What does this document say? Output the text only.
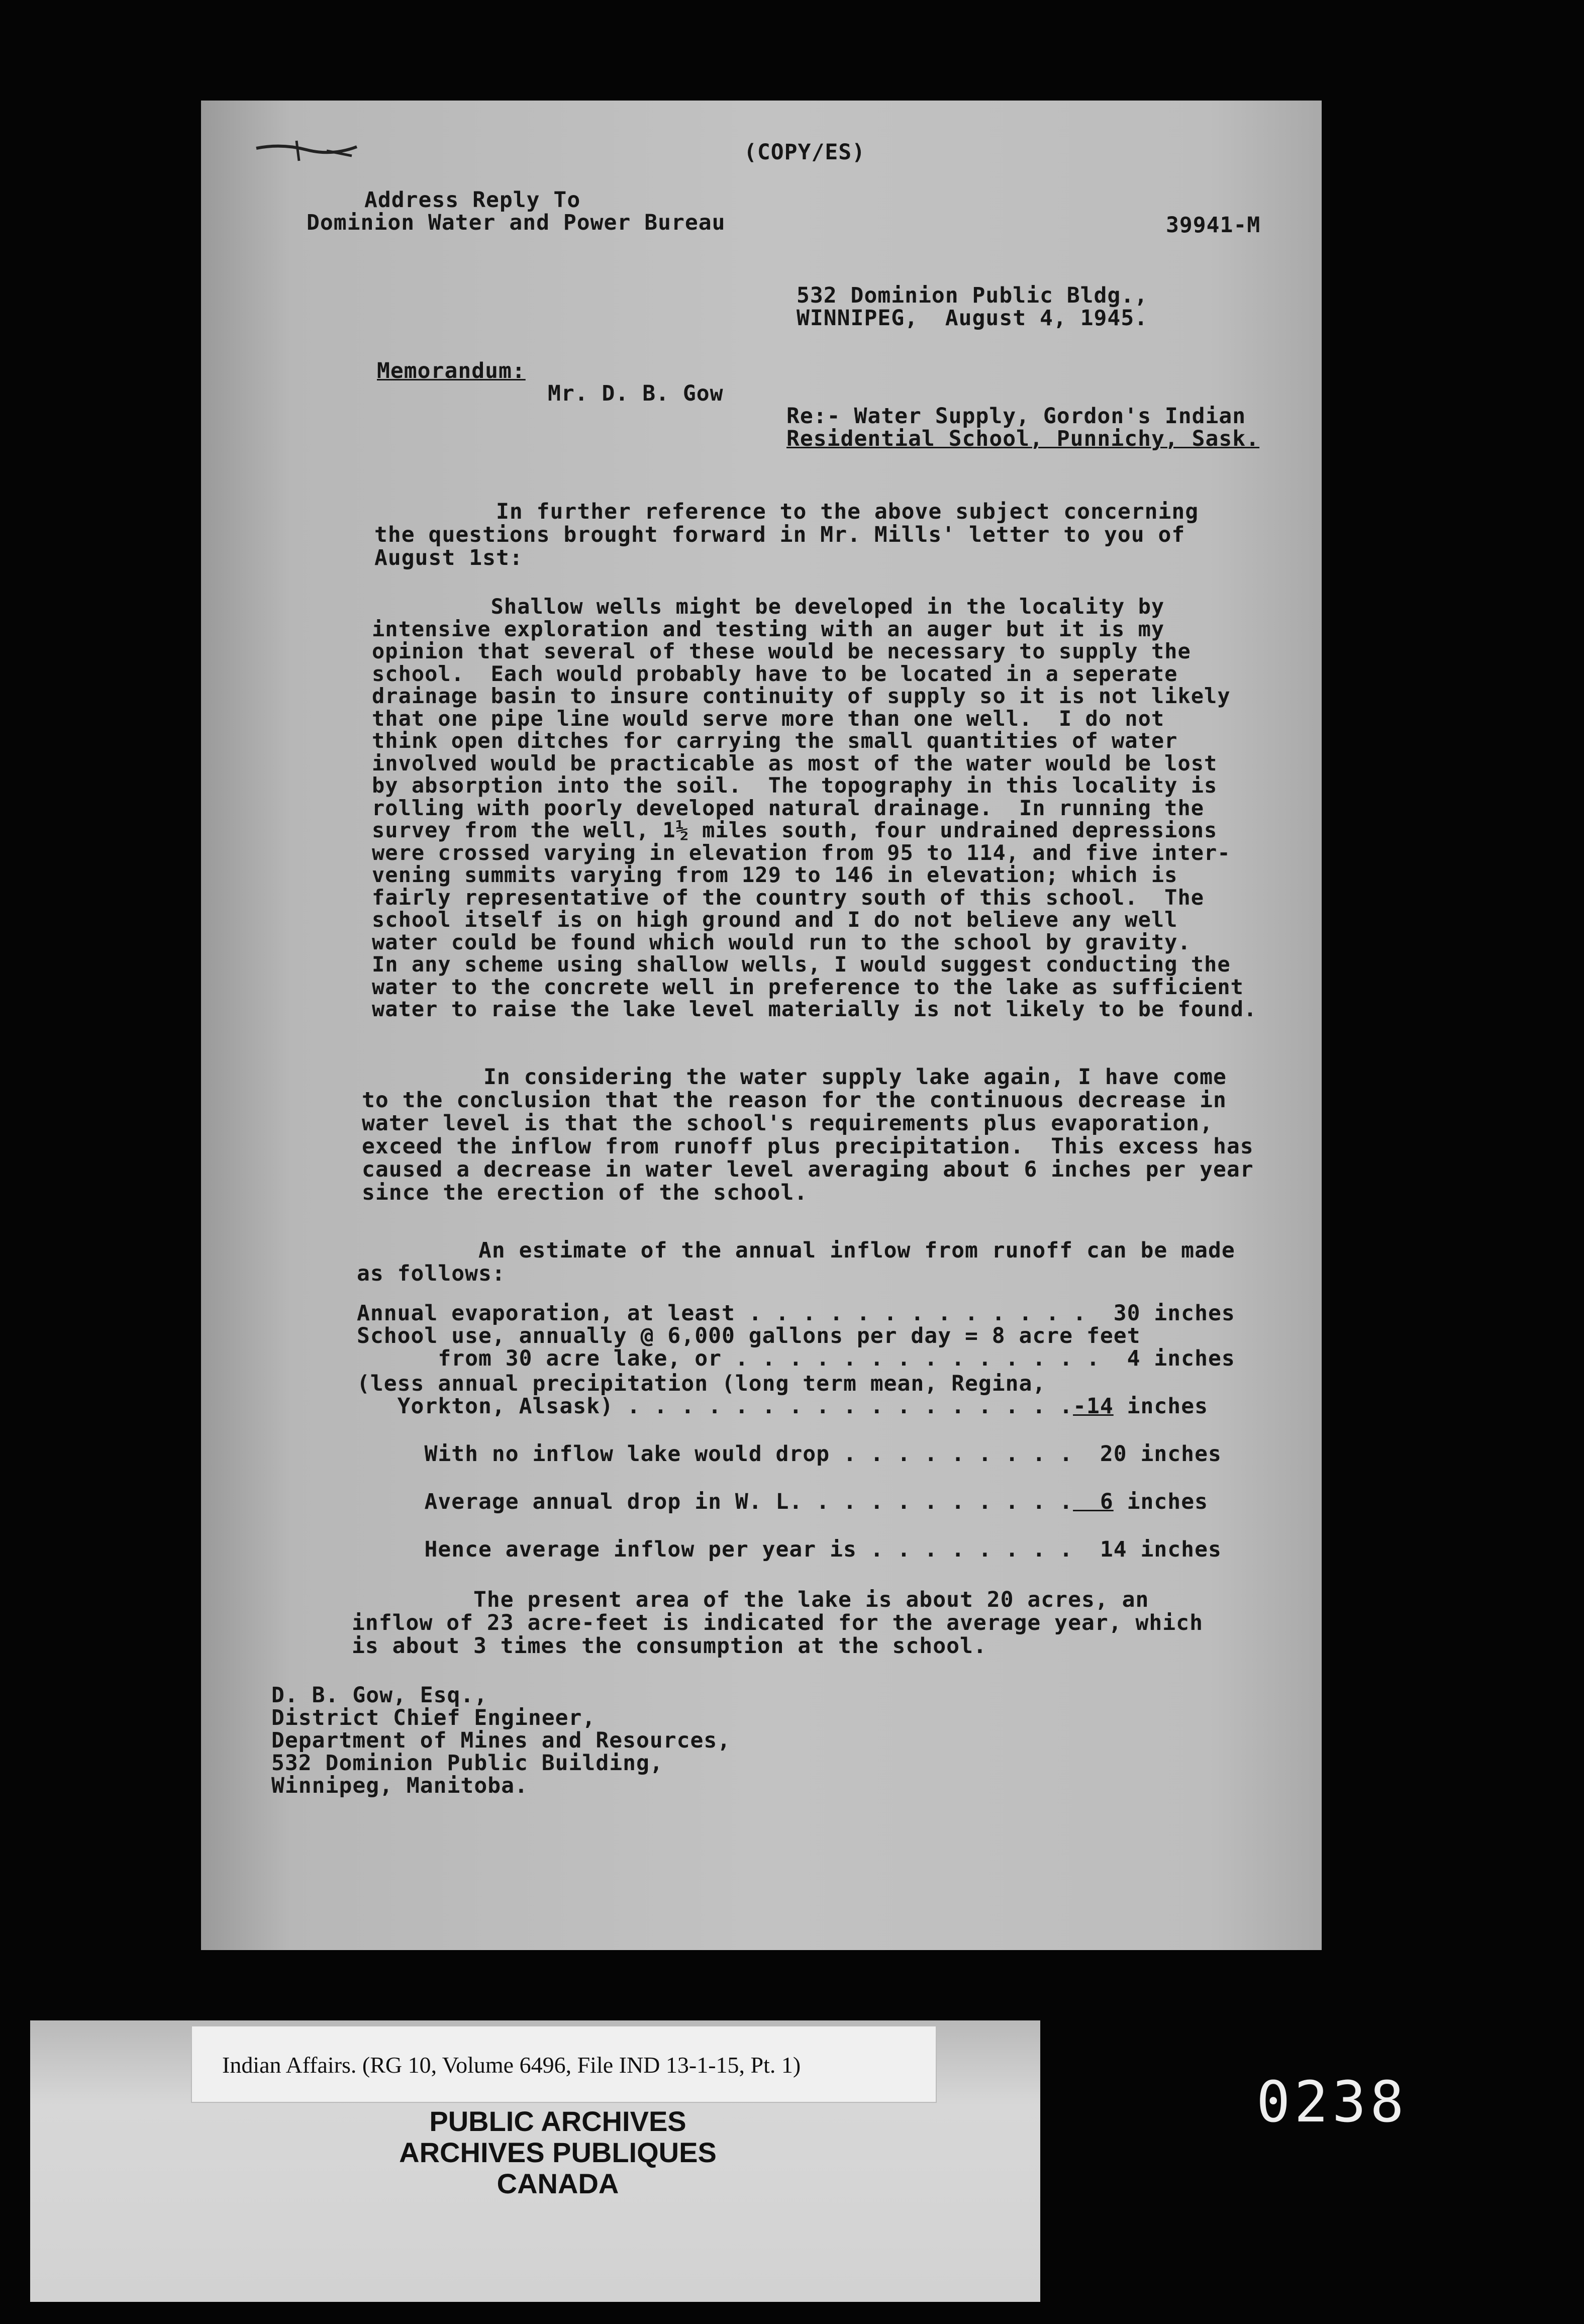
(COPY/ES)
Address Reply To
Dominion Water and Power Bureau	39941-M
532 Dominion Public Bldg.,
WINNIPEG,  August 4, 1945.
Memorandum:
Mr. D. B. Gow
Re:- Water Supply, Gordon's Indian
Residential School, Punnichy, Sask.
In further reference to the above subject concerning
the questions brought forward in Mr. Mills' letter to you of
August 1st:
Shallow wells might be developed in the locality by
intensive exploration and testing with an auger but it is my
opinion that several of these would be necessary to supply the
school.  Each would probably have to be located in a seperate
drainage basin to insure continuity of supply so it is not likely
that one pipe line would serve more than one well.  I do not
think open ditches for carrying the small quantities of water
involved would be practicable as most of the water would be lost
by absorption into the soil.  The topography in this locality is
rolling with poorly developed natural drainage.  In running the
survey from the well, 1½ miles south, four undrained depressions
were crossed varying in elevation from 95 to 114, and five inter-
vening summits varying from 129 to 146 in elevation; which is
fairly representative of the country south of this school.  The
school itself is on high ground and I do not believe any well
water could be found which would run to the school by gravity.
In any scheme using shallow wells, I would suggest conducting the
water to the concrete well in preference to the lake as sufficient
water to raise the lake level materially is not likely to be found.
In considering the water supply lake again, I have come
to the conclusion that the reason for the continuous decrease in
water level is that the school's requirements plus evaporation,
exceed the inflow from runoff plus precipitation.  This excess has
caused a decrease in water level averaging about 6 inches per year
since the erection of the school.
An estimate of the annual inflow from runoff can be made
as follows:
Annual evaporation, at least . . . . . . . . . . . . .  30 inches
School use, annually @ 6,000 gallons per day = 8 acre feet
from 30 acre lake, or . . . . . . . . . . . . . .  4 inches
(less annual precipitation (long term mean, Regina,
Yorkton, Alsask) . . . . . . . . . . . . . . . . .-14 inches
With no inflow lake would drop . . . . . . . . .  20 inches
Average annual drop in W. L. . . . . . . . . . .  6 inches
Hence average inflow per year is . . . . . . . .  14 inches
The present area of the lake is about 20 acres, an
inflow of 23 acre-feet is indicated for the average year, which
is about 3 times the consumption at the school.
D. B. Gow, Esq.,
District Chief Engineer,
Department of Mines and Resources,
532 Dominion Public Building,
Winnipeg, Manitoba.
Indian Affairs. (RG 10, Volume 6496, File IND 13-1-15, Pt. 1)
PUBLIC ARCHIVES
ARCHIVES PUBLIQUES
CANADA
0238
